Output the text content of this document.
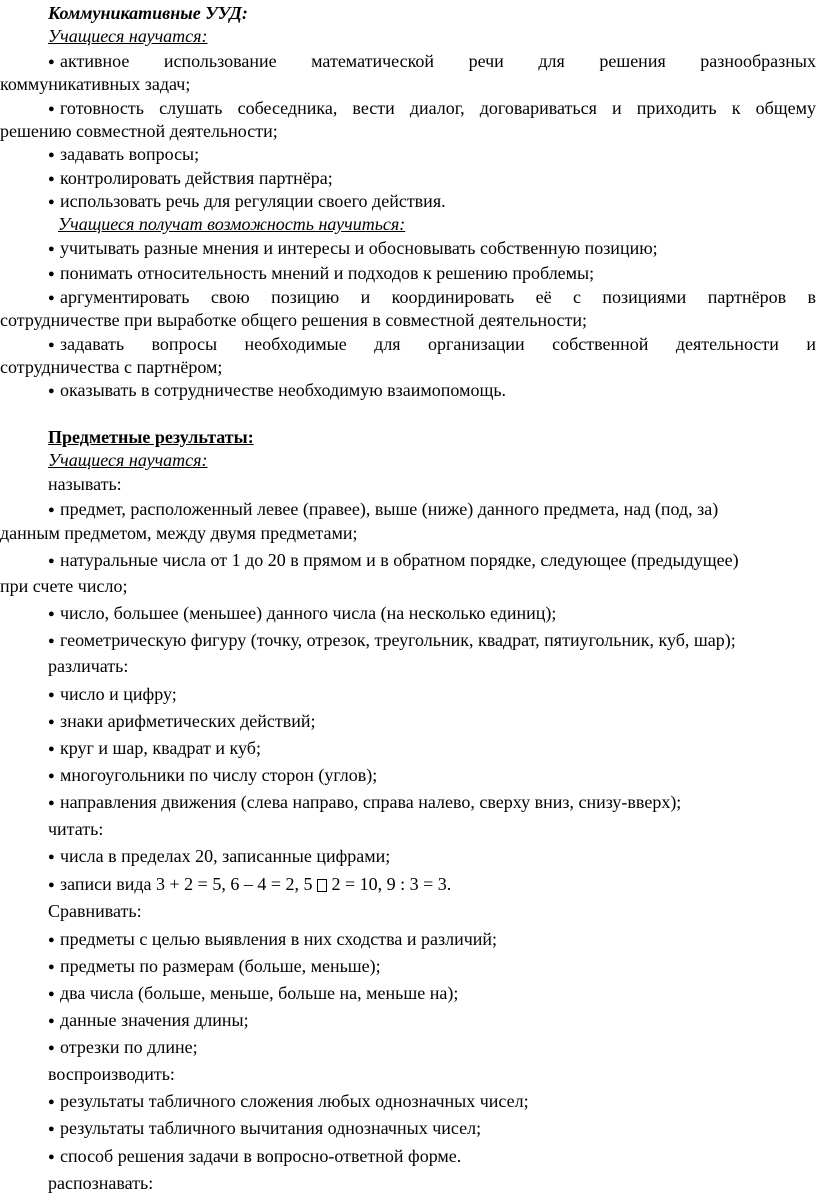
Коммуникативные УУД:
Учащиеся научатся:
● активное использование математической речи для решения разнообразных
коммуникативных задач;
● готовность слушать собеседника, вести диалог, договариваться и приходить к общему
решению совместной деятельности;
● задавать вопросы;
● контролировать действия партнёра;
● использовать речь для регуляции своего действия.
Учащиеся получат возможность научиться:
● учитывать разные мнения и интересы и обосновывать собственную позицию;
● понимать относительность мнений и подходов к решению проблемы;
● аргументировать свою позицию и координировать её с позициями партнёров в
сотрудничестве при выработке общего решения в совместной деятельности;
● задавать вопросы необходимые для организации собственной деятельности и
сотрудничества с партнёром;
● оказывать в сотрудничестве необходимую взаимопомощь.
Предметные результаты:
Учащиеся научатся:
называть:
● предмет, расположенный левее (правее), выше (ниже) данного предмета, над (под, за)
данным предметом, между двумя предметами;
● натуральные числа от 1 до 20 в прямом и в обратном порядке, следующее (предыдущее)
при счете число;
● число, большее (меньшее) данного числа (на несколько единиц);
● геометрическую фигуру (точку, отрезок, треугольник, квадрат, пятиугольник, куб, шар);
различать:
● число и цифру;
● знаки арифметических действий;
● круг и шар, квадрат и куб;
● многоугольники по числу сторон (углов);
● направления движения (слева направо, справа налево, сверху вниз, снизу-вверх);
читать:
● числа в пределах 20, записанные цифрами;
● записи вида 3 + 2 = 5, 6 – 4 = 2, 5  2 = 10, 9 : 3 = 3.
Сравнивать:
● предметы с целью выявления в них сходства и различий;
● предметы по размерам (больше, меньше);
● два числа (больше, меньше, больше на, меньше на);
● данные значения длины;
● отрезки по длине;
воспроизводить:
● результаты табличного сложения любых однозначных чисел;
● результаты табличного вычитания однозначных чисел;
● способ решения задачи в вопросно-ответной форме.
распознавать:
